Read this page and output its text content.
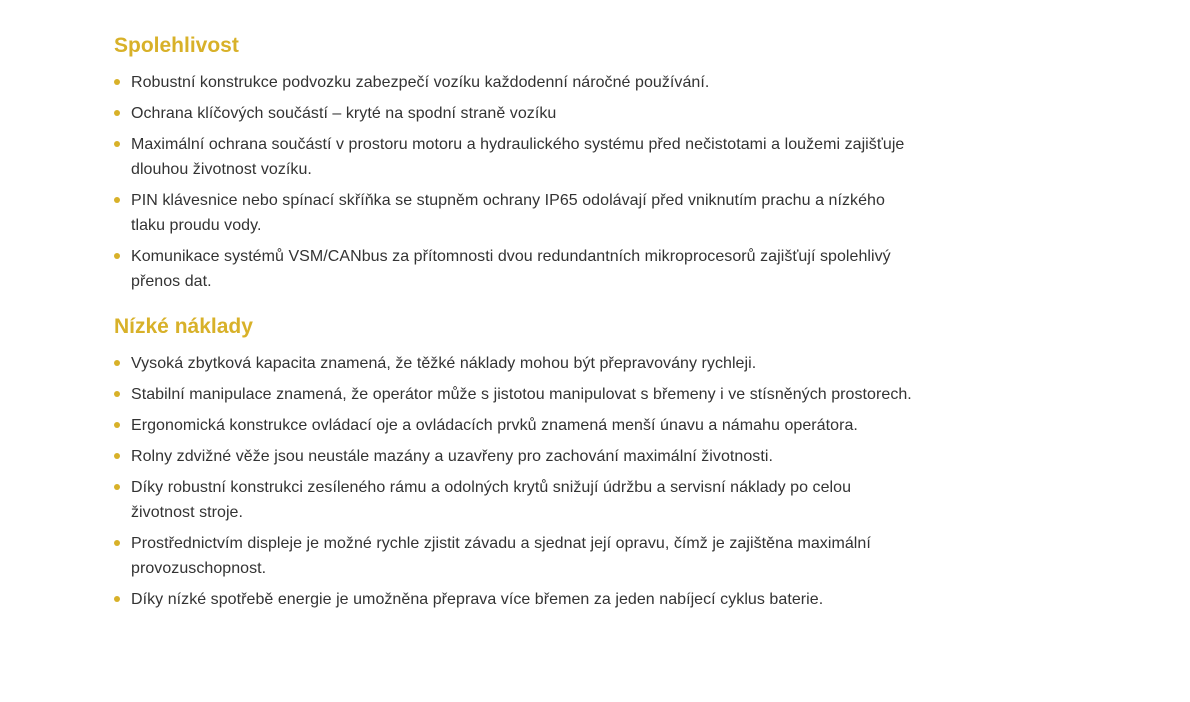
Spolehlivost
Robustní konstrukce podvozku zabezpečí vozíku každodenní náročné používání.
Ochrana klíčových součástí – kryté na spodní straně vozíku
Maximální ochrana součástí v prostoru motoru a hydraulického systému před nečistotami a loužemi zajišťuje dlouhou životnost vozíku.
PIN klávesnice nebo spínací skříňka se stupněm ochrany IP65 odolávají před vniknutím prachu a nízkého tlaku proudu vody.
Komunikace systémů VSM/CANbus za přítomnosti dvou redundantních mikroprocesorů zajišťují spolehlivý přenos dat.
Nízké náklady
Vysoká zbytková kapacita znamená, že těžké náklady mohou být přepravovány rychleji.
Stabilní manipulace znamená, že operátor může s jistotou manipulovat s břemeny i ve stísněných prostorech.
Ergonomická konstrukce ovládací oje a ovládacích prvků znamená menší únavu a námahu operátora.
Rolny zdvižné věže jsou neustále mazány a uzavřeny pro zachování maximální životnosti.
Díky robustní konstrukci zesíleného rámu a odolných krytů snižují údržbu a servisní náklady po celou životnost stroje.
Prostřednictvím displeje je možné rychle zjistit závadu a sjednat její opravu, čímž je zajištěna maximální provozuschopnost.
Díky nízké spotřebě energie je umožněna přeprava více břemen za jeden nabíjecí cyklus baterie.
